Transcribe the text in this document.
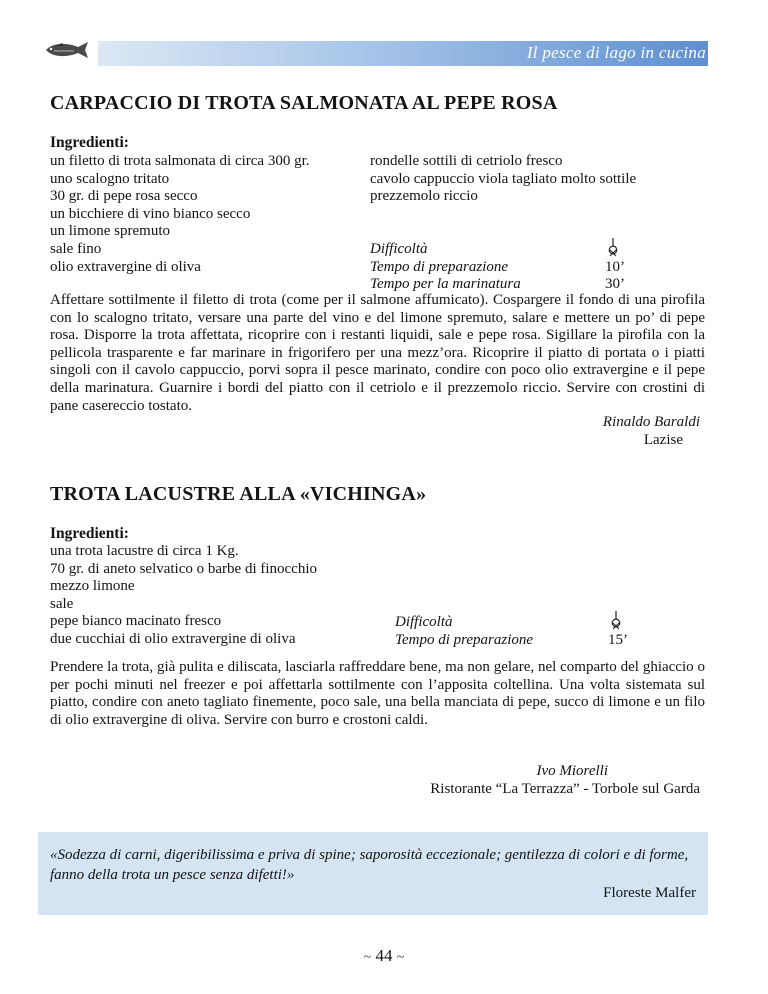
Il pesce di lago in cucina
CARPACCIO DI TROTA SALMONATA AL PEPE ROSA
Ingredienti:
un filetto di trota salmonata di circa 300 gr.
uno scalogno tritato
30 gr. di pepe rosa secco
un bicchiere di vino bianco secco
un limone spremuto
sale fino
olio extravergine di oliva
rondelle sottili di cetriolo fresco
cavolo cappuccio viola tagliato molto sottile
prezzemolo riccio
Difficoltà
Tempo di preparazione
Tempo per la marinatura
10’
30’
Affettare sottilmente il filetto di trota (come per il salmone affumicato). Cospargere il fondo di una pirofila con lo scalogno tritato, versare una parte del vino e del limone spremuto, salare e mettere un po’ di pepe rosa. Disporre la trota affettata, ricoprire con i restanti liquidi, sale e pepe rosa. Sigillare la pirofila con la pellicola trasparente e far marinare in frigorifero per una mezz’ora. Ricoprire il piatto di portata o i piatti singoli con il cavolo cappuccio, porvi sopra il pesce marinato, condire con poco olio extravergine e il pepe della marinatura. Guarnire i bordi del piatto con il cetriolo e il prezzemolo riccio. Servire con crostini di pane casereccio tostato.
Rinaldo Baraldi
Lazise
TROTA LACUSTRE ALLA «VICHINGA»
Ingredienti:
una trota lacustre di circa 1 Kg.
70 gr. di aneto selvatico o barbe di finocchio
mezzo limone
sale
pepe bianco macinato fresco
due cucchiai di olio extravergine di oliva
Difficoltà
Tempo di preparazione	15’
Prendere la trota, già pulita e diliscata, lasciarla raffreddare bene, ma non gelare, nel comparto del ghiaccio o per pochi minuti nel freezer e poi affettarla sottilmente con l’apposita coltellina. Una volta sistemata sul piatto, condire con aneto tagliato finemente, poco sale, una bella manciata di pepe, succo di limone e un filo di olio extravergine di oliva. Servire con burro e crostoni caldi.
Ivo Miorelli
Ristorante “La Terrazza” - Torbole sul Garda
«Sodezza di carni, digeribilissima e priva di spine; saporosità eccezionale; gentilezza di colori e di forme, fanno della trota un pesce senza difetti!»
Floreste Malfer
~ 44 ~
